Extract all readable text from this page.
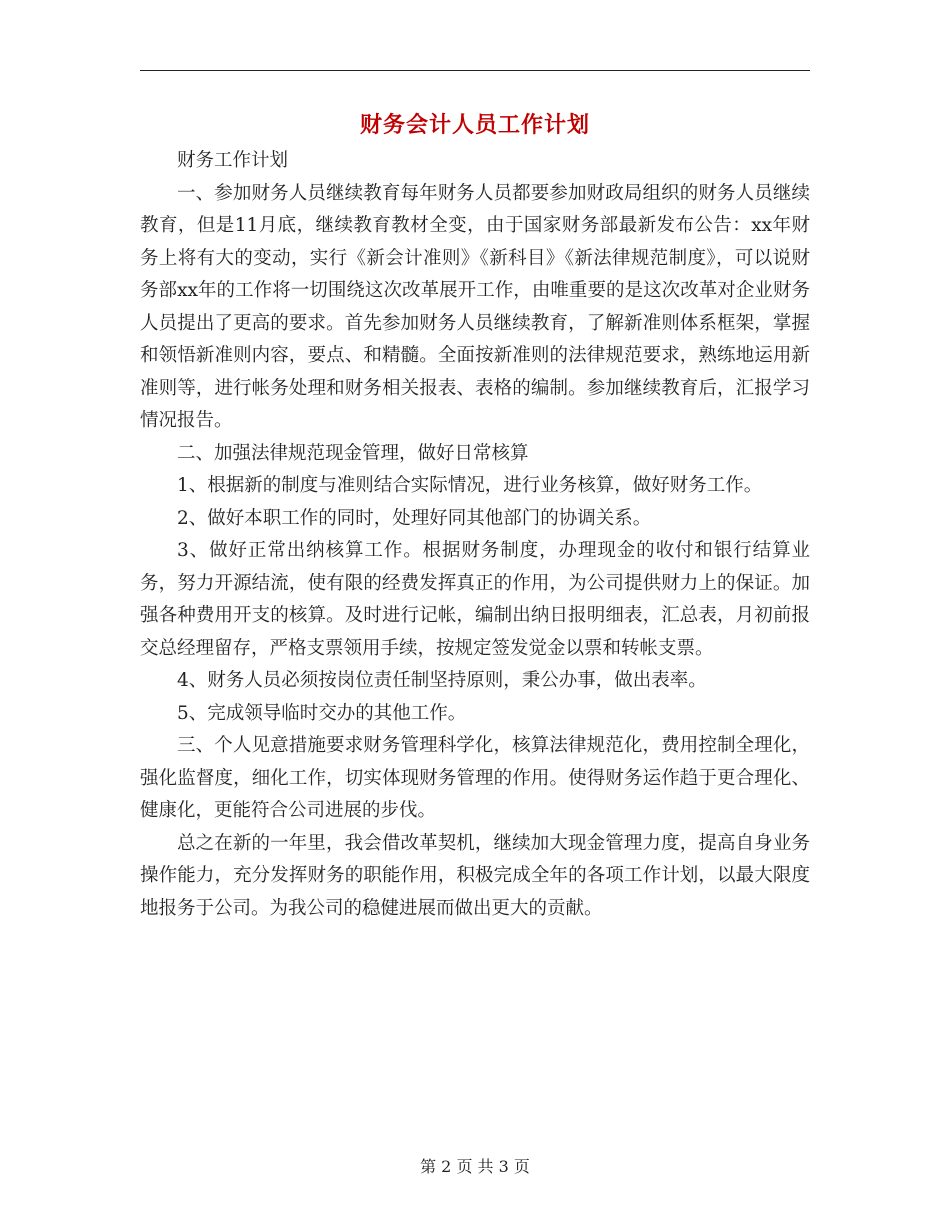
财务会计人员工作计划

财务工作计划

一、参加财务人员继续教育每年财务人员都要参加财政局组织的财务人员继续教育，但是11月底，继续教育教材全变，由于国家财务部最新发布公告：xx年财务上将有大的变动，实行《新会计准则》《新科目》《新法律规范制度》，可以说财务部xx年的工作将一切围绕这次改革展开工作，由唯重要的是这次改革对企业财务人员提出了更高的要求。首先参加财务人员继续教育，了解新准则体系框架，掌握和领悟新准则内容，要点、和精髓。全面按新准则的法律规范要求，熟练地运用新准则等，进行帐务处理和财务相关报表、表格的编制。参加继续教育后，汇报学习情况报告。

二、加强法律规范现金管理，做好日常核算

1、根据新的制度与准则结合实际情况，进行业务核算，做好财务工作。

2、做好本职工作的同时，处理好同其他部门的协调关系。

3、做好正常出纳核算工作。根据财务制度，办理现金的收付和银行结算业务，努力开源结流，使有限的经费发挥真正的作用，为公司提供财力上的保证。加强各种费用开支的核算。及时进行记帐，编制出纳日报明细表，汇总表，月初前报交总经理留存，严格支票领用手续，按规定签发觉金以票和转帐支票。

4、财务人员必须按岗位责任制坚持原则，秉公办事，做出表率。

5、完成领导临时交办的其他工作。

三、个人见意措施要求财务管理科学化，核算法律规范化，费用控制全理化，强化监督度，细化工作，切实体现财务管理的作用。使得财务运作趋于更合理化、健康化，更能符合公司进展的步伐。

总之在新的一年里，我会借改革契机，继续加大现金管理力度，提高自身业务操作能力，充分发挥财务的职能作用，积极完成全年的各项工作计划，以最大限度地报务于公司。为我公司的稳健进展而做出更大的贡献。

第 2 页 共 3 页
